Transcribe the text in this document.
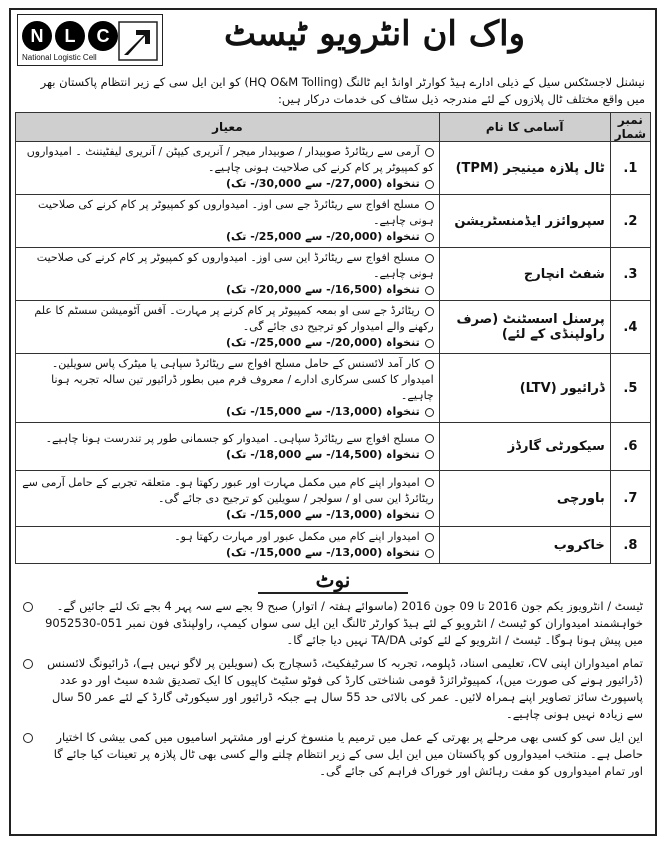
N	L	C
National Logistic Cell
واک ان انٹرویو ٹیسٹ
نیشنل لاجسٹکس سیل کے ذیلی ادارے ہیڈ کوارٹر اوانڈ ایم ٹالنگ (HQ O&M Tolling) کو این ایل سی کے زیر انتظام پاکستان بھر میں واقع مختلف ٹال پلازوں کے لئے مندرجہ ذیل سٹاف کی خدمات درکار ہیں:
نمبر شمار	آسامی کا نام	معیار
1.	ٹال پلازہ مینیجر (TPM)	آرمی سے ریٹائرڈ صوبیدار / صوبیدار میجر / آنریری کیپٹن / آنریری لیفٹیننٹ ۔ امیدواروں کو کمپیوٹر پر کام کرنے کی صلاحیت ہونی چاہیے۔
تنخواہ (27,000/- سے 30,000/- تک)

2.	سپروائزر ایڈمنسٹریشن	مسلح افواج سے ریٹائرڈ جے سی اوز۔ امیدواروں کو کمپیوٹر پر کام کرنے کی صلاحیت ہونی چاہیے۔
تنخواہ (20,000/- سے 25,000/- تک)

3.	شفٹ انچارج	مسلح افواج سے ریٹائرڈ این سی اوز۔ امیدواروں کو کمپیوٹر پر کام کرنے کی صلاحیت ہونی چاہیے۔
تنخواہ (16,500/- سے 20,000/- تک)

4.	پرسنل اسسٹنٹ (صرف راولپنڈی کے لئے)	ریٹائرڈ جے سی او بمعہ کمپیوٹر پر کام کرنے پر مہارت۔ آفس آٹومیشن سسٹم کا علم رکھنے والے امیدوار کو ترجیح دی جائے گی۔
تنخواہ (20,000/- سے 25,000/- تک)

5.	ڈرائیور (LTV)	کار آمد لائسنس کے حامل مسلح افواج سے ریٹائرڈ سپاہی یا میٹرک پاس سویلین۔ امیدوار کا کسی سرکاری ادارے / معروف فرم میں بطور ڈرائیور تین سالہ تجربہ ہونا چاہیے۔
تنخواہ (13,000/- سے 15,000/- تک)

6.	سیکورٹی گارڈز	مسلح افواج سے ریٹائرڈ سپاہی۔ امیدوار کو جسمانی طور پر تندرست ہونا چاہیے۔
تنخواہ (14,500/- سے 18,000/- تک)

7.	باورچی	امیدوار اپنے کام میں مکمل مہارت اور عبور رکھتا ہو۔ متعلقہ تجربے کے حامل آرمی سے ریٹائرڈ این سی او / سولجر / سویلین کو ترجیح دی جائے گی۔
تنخواہ (13,000/- سے 15,000/- تک)

8.	خاکروب	امیدوار اپنے کام میں مکمل عبور اور مہارت رکھتا ہو۔
تنخواہ (13,000/- سے 15,000/- تک)
نوٹ
ٹیسٹ / انٹرویوز یکم جون 2016 تا 09 جون 2016 (ماسوائے ہفتہ / اتوار) صبح 9 بجے سے سہ پہر 4 بجے تک لئے جائیں گے۔ خواہشمند امیدواران کو ٹیسٹ / انٹرویو کے لئے ہیڈ کوارٹر ٹالنگ این ایل سی سواں کیمپ، راولپنڈی فون نمبر 051-9052530 میں پیش ہونا ہوگا۔ ٹیسٹ / انٹرویو کے لئے کوئی TA/DA نہیں دیا جائے گا۔
تمام امیدواران اپنی CV، تعلیمی اسناد، ڈپلومہ، تجربہ کا سرٹیفکیٹ، ڈسچارج بک (سویلین پر لاگو نہیں ہے)، ڈرائیونگ لائسنس (ڈرائیور ہونے کی صورت میں)، کمپیوٹرائزڈ قومی شناختی کارڈ کی فوٹو سٹیٹ کاپیوں کا ایک تصدیق شدہ سیٹ اور دو عدد پاسپورٹ سائز تصاویر اپنے ہمراہ لائیں۔ عمر کی بالائی حد 55 سال ہے جبکہ ڈرائیور اور سیکورٹی گارڈ کے لئے عمر 50 سال سے زیادہ نہیں ہونی چاہیے۔
این ایل سی کو کسی بھی مرحلے پر بھرتی کے عمل میں ترمیم یا منسوخ کرنے اور مشتہر اسامیوں میں کمی بیشی کا اختیار حاصل ہے۔ منتخب امیدواروں کو پاکستان میں این ایل سی کے زیر انتظام چلنے والے کسی بھی ٹال پلازہ پر تعینات کیا جائے گا اور تمام امیدواروں کو مفت رہائش اور خوراک فراہم کی جائے گی۔
